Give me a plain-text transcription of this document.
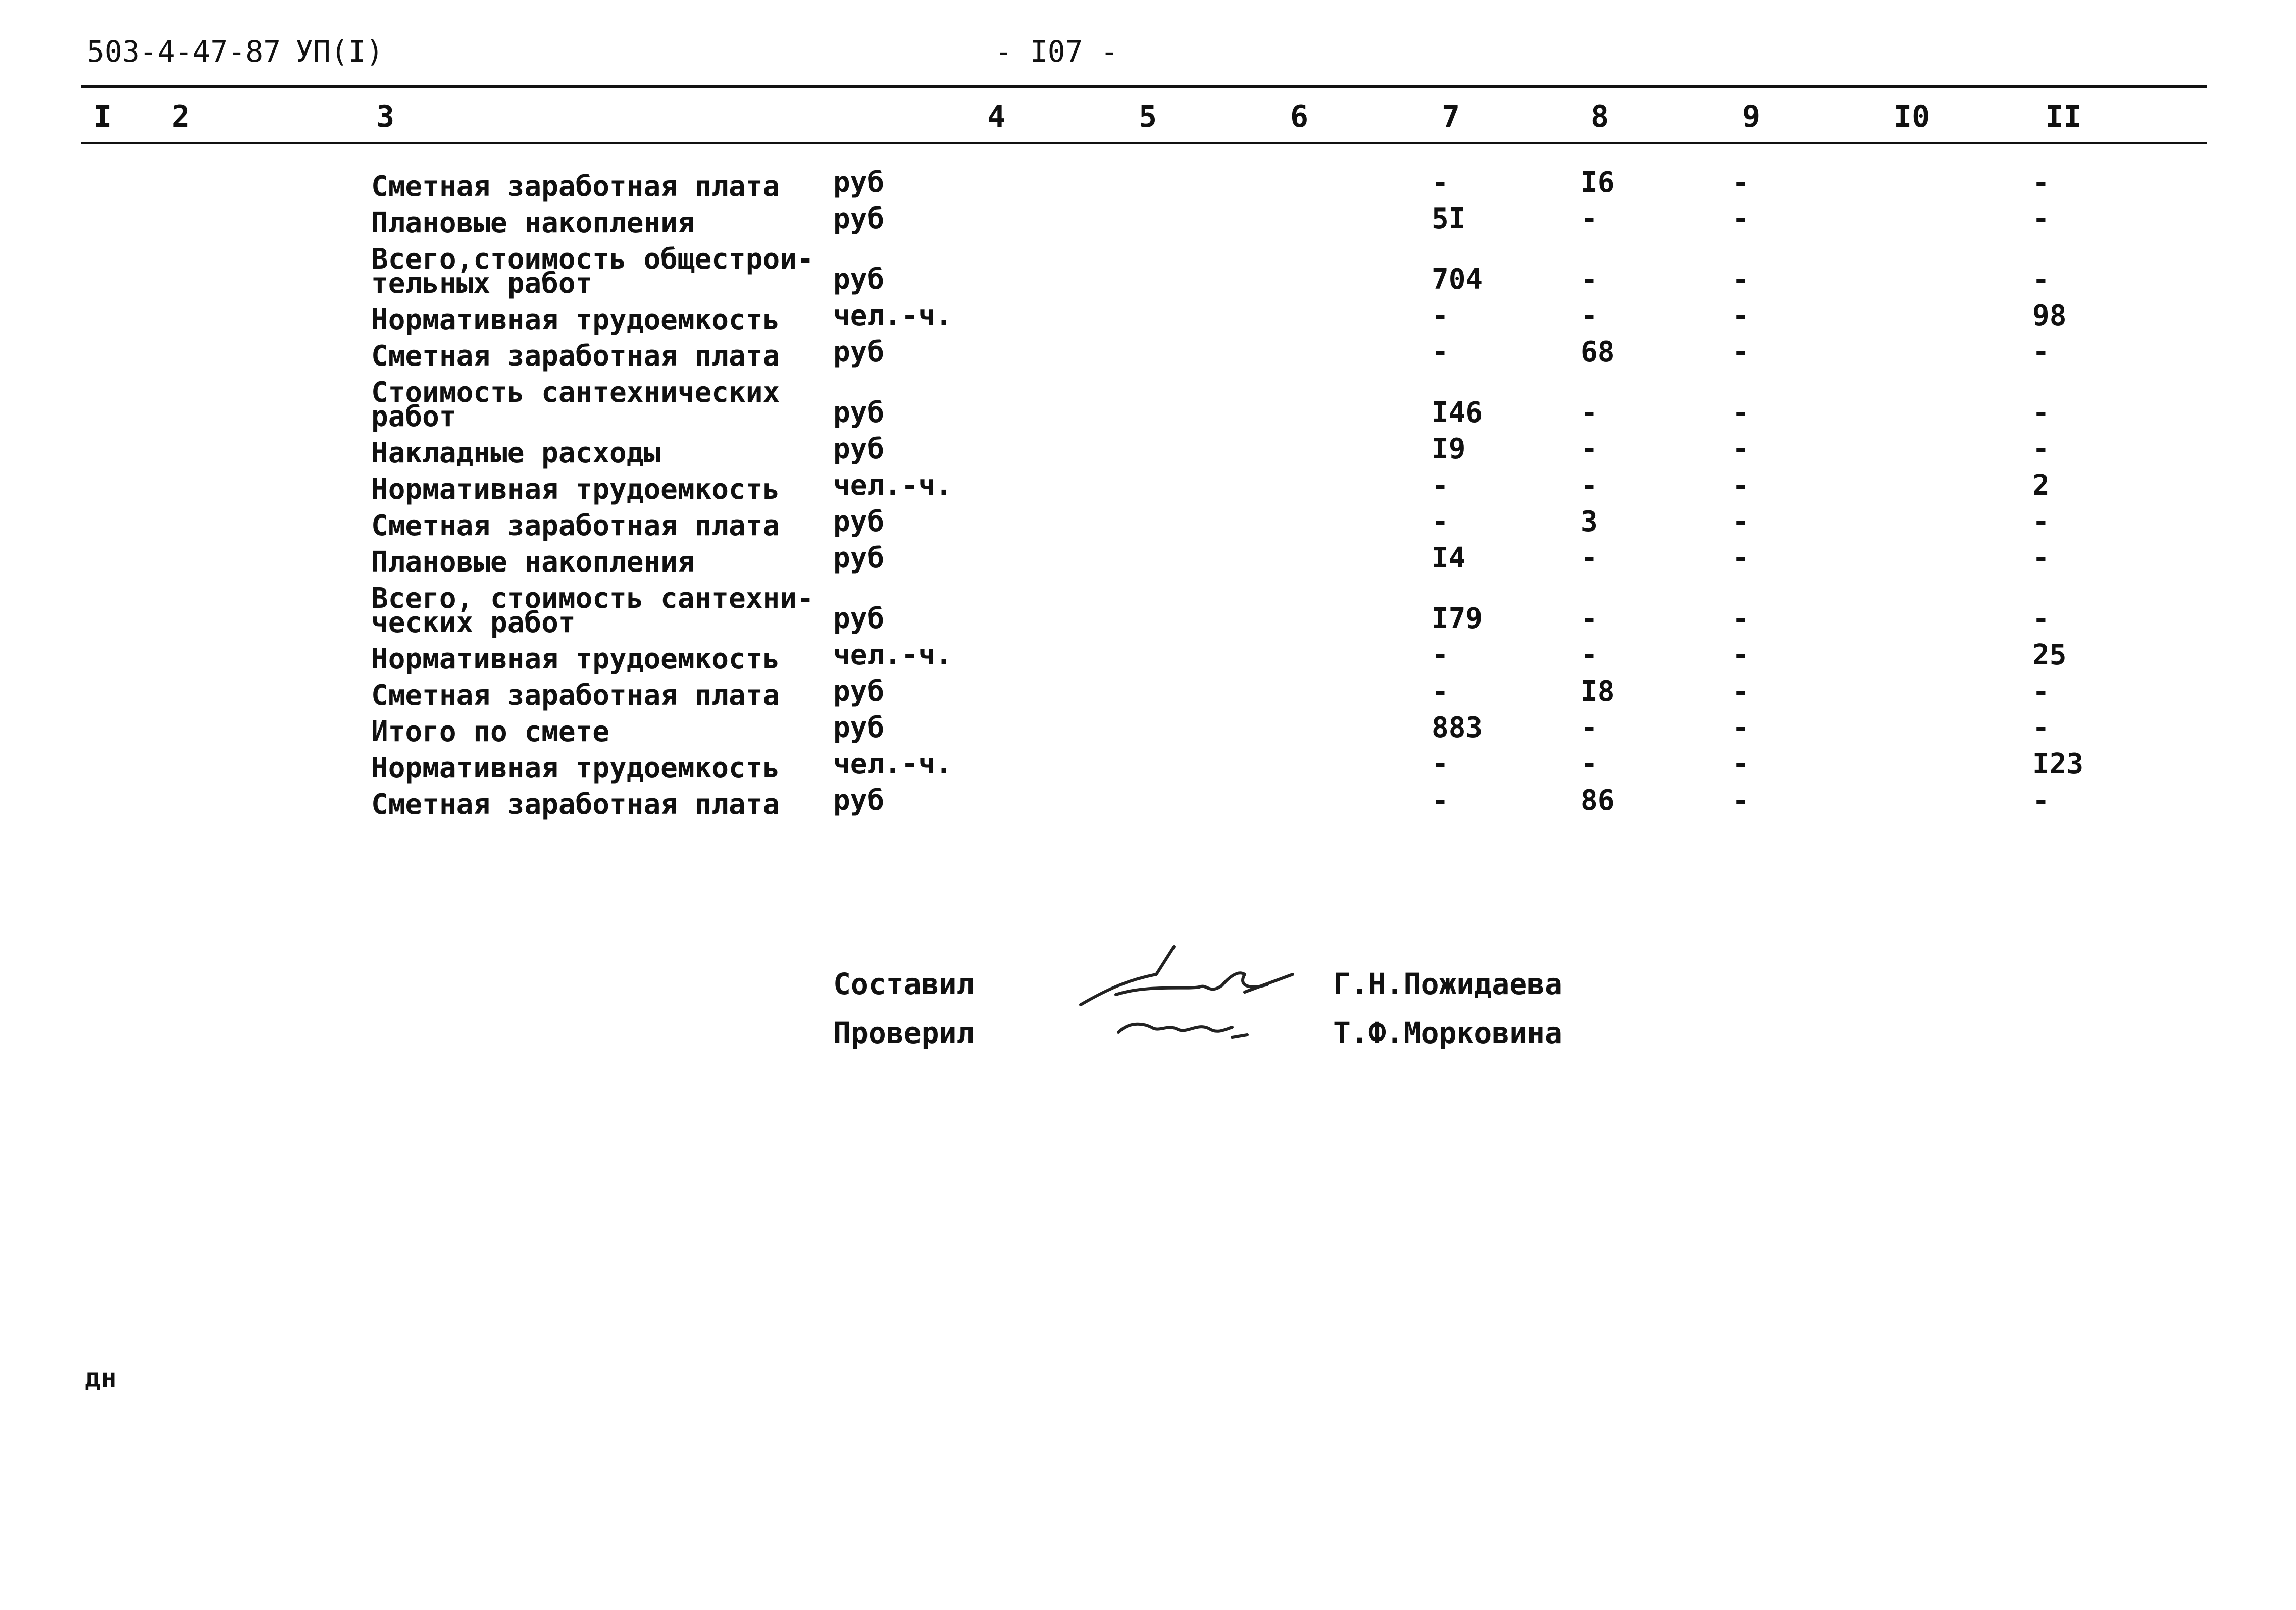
503-4-47-87 УП(I)	- I07 -
I 2	3	4	5	6	7	8	9	I0	II
Сметная заработная плата руб	-	I6	-	-
Плановые накопления	руб	5I	-	-	-
Всего,стоимость общестрои-
тельных работ	руб	704	-	-	-
Нормативная трудоемкость чел.-ч.	-	-	-	98
Сметная заработная плата руб	-	68	-	-
Стоимость сантехнических
работ	руб	I46	-	-	-
Накладные расходы	руб	I9	-	-	-
Нормативная трудоемкость чел.-ч.	-	-	-	2
Сметная заработная плата руб	-	3	-	-
Плановые накопления	руб	I4	-	-	-
Всего, стоимость сантехни-
ческих работ	руб	I79	-	-	-
Нормативная трудоемкость чел.-ч.	-	-	-	25
Сметная заработная плата руб	-	I8	-	-
Итого по смете	руб	883	-	-	-
Нормативная трудоемкость чел.-ч.	-	-	-	I23
Сметная заработная плата руб	-	86	-	-
Составил
Проверил
Г.Н.Пожидаева
Т.Ф.Морковина
дн
